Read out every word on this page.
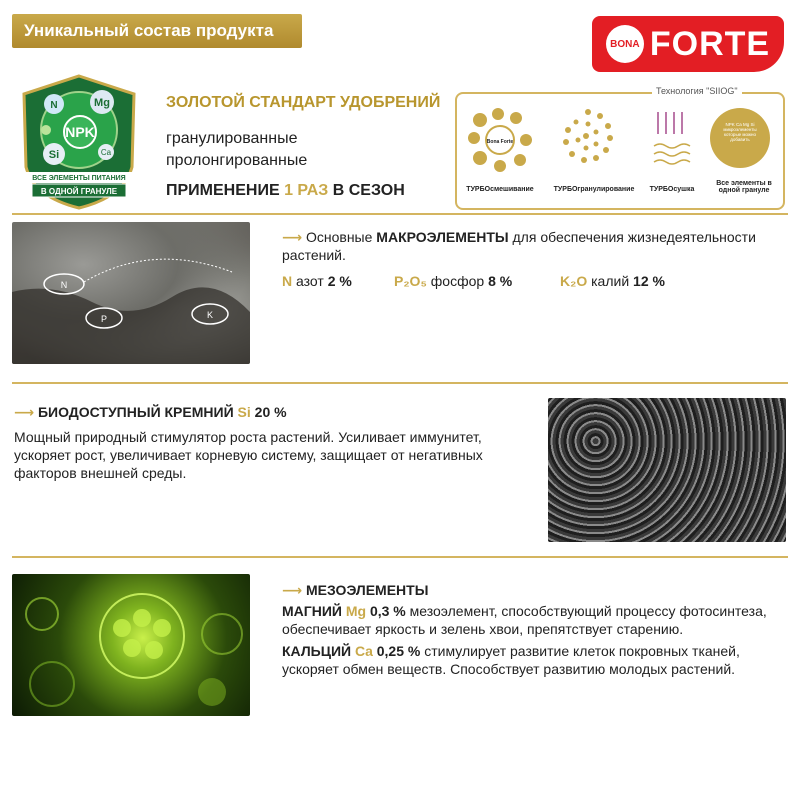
Уникальный состав продукта
BONA FORTE
N	Mg
NPK
Si	Ca
ВСЕ ЭЛЕМЕНТЫ ПИТАНИЯ
В ОДНОЙ ГРАНУЛЕ
ЗОЛОТОЙ СТАНДАРТ УДОБРЕНИЙ
гранулированные
пролонгированные
ПРИМЕНЕНИЕ 1 РАЗ В СЕЗОН
Технология "SIIOG"
Bona Forte
NPK Ca Mg Si микроэлементы которые можно добавить
ТУРБОсмешивание	ТУРБОгранулирование	ТУРБОсушка
Все элементы в одной грануле
N
P	K
⟶ Основные МАКРОЭЛЕМЕНТЫ для обеспечения жизнедеятельности растений.
N азот 2 %	P₂O₅ фосфор 8 %	K₂O калий 12 %
⟶ БИОДОСТУПНЫЙ КРЕМНИЙ Si 20 %
Мощный природный стимулятор роста растений. Усиливает иммунитет, ускоряет рост, увеличивает корневую систему, защищает от негативных факторов внешней среды.
⟶ МЕЗОЭЛЕМЕНТЫ
МАГНИЙ Mg 0,3 % мезоэлемент, способствующий процессу фотосинтеза, обеспечивает яркость и зелень хвои, препятствует старению.
КАЛЬЦИЙ Ca 0,25 % стимулирует развитие клеток покровных тканей, ускоряет обмен веществ. Способствует развитию молодых растений.
